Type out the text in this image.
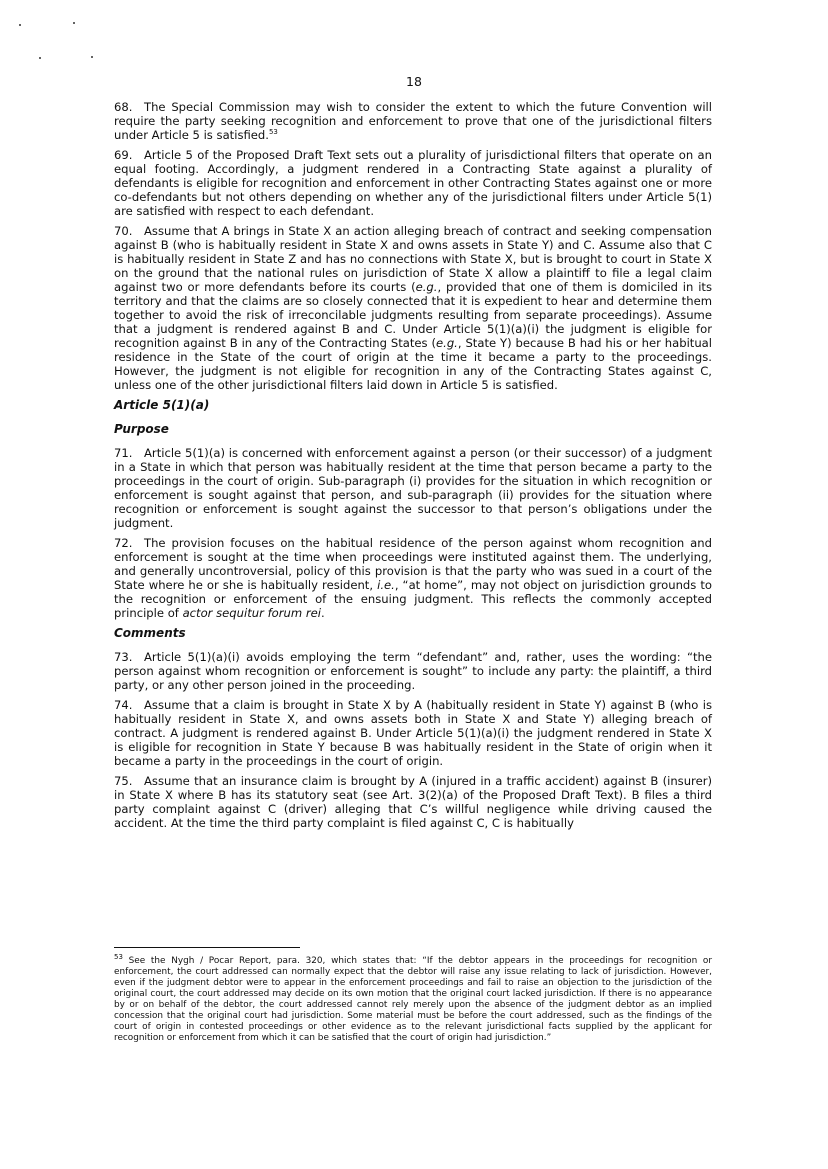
18

68. The Special Commission may wish to consider the extent to which the future Convention will require the party seeking recognition and enforcement to prove that one of the jurisdictional filters under Article 5 is satisfied.$^{53}$

69. Article 5 of the Proposed Draft Text sets out a plurality of jurisdictional filters that operate on an equal footing. Accordingly, a judgment rendered in a Contracting State against a plurality of defendants is eligible for recognition and enforcement in other Contracting States against one or more co-defendants but not others depending on whether any of the jurisdictional filters under Article 5(1) are satisfied with respect to each defendant.

70. Assume that A brings in State X an action alleging breach of contract and seeking compensation against B (who is habitually resident in State X and owns assets in State Y) and C. Assume also that C is habitually resident in State Z and has no connections with State X, but is brought to court in State X on the ground that the national rules on jurisdiction of State X allow a plaintiff to file a legal claim against two or more defendants before its courts (e.g., provided that one of them is domiciled in its territory and that the claims are so closely connected that it is expedient to hear and determine them together to avoid the risk of irreconcilable judgments resulting from separate proceedings). Assume that a judgment is rendered against B and C. Under Article 5(1)(a)(i) the judgment is eligible for recognition against B in any of the Contracting States (e.g., State Y) because B had his or her habitual residence in the State of the court of origin at the time it became a party to the proceedings. However, the judgment is not eligible for recognition in any of the Contracting States against C, unless one of the other jurisdictional filters laid down in Article 5 is satisfied.

Article 5(1)(a)
Purpose

71. Article 5(1)(a) is concerned with enforcement against a person (or their successor) of a judgment in a State in which that person was habitually resident at the time that person became a party to the proceedings in the court of origin. Sub-paragraph (i) provides for the situation in which recognition or enforcement is sought against that person, and sub-paragraph (ii) provides for the situation where recognition or enforcement is sought against the successor to that person’s obligations under the judgment.

72. The provision focuses on the habitual residence of the person against whom recognition and enforcement is sought at the time when proceedings were instituted against them. The underlying, and generally uncontroversial, policy of this provision is that the party who was sued in a court of the State where he or she is habitually resident, i.e., “at home”, may not object on jurisdiction grounds to the recognition or enforcement of the ensuing judgment. This reflects the commonly accepted principle of actor sequitur forum rei.

Comments

73. Article 5(1)(a)(i) avoids employing the term “defendant” and, rather, uses the wording: “the person against whom recognition or enforcement is sought” to include any party: the plaintiff, a third party, or any other person joined in the proceeding.

74. Assume that a claim is brought in State X by A (habitually resident in State Y) against B (who is habitually resident in State X, and owns assets both in State X and State Y) alleging breach of contract. A judgment is rendered against B. Under Article 5(1)(a)(i) the judgment rendered in State X is eligible for recognition in State Y because B was habitually resident in the State of origin when it became a party in the proceedings in the court of origin.

75. Assume that an insurance claim is brought by A (injured in a traffic accident) against B (insurer) in State X where B has its statutory seat (see Art. 3(2)(a) of the Proposed Draft Text). B files a third party complaint against C (driver) alleging that C’s willful negligence while driving caused the accident. At the time the third party complaint is filed against C, C is habitually

$^{53}$ See the Nygh / Pocar Report, para. 320, which states that: “If the debtor appears in the proceedings for recognition or enforcement, the court addressed can normally expect that the debtor will raise any issue relating to lack of jurisdiction. However, even if the judgment debtor were to appear in the enforcement proceedings and fail to raise an objection to the jurisdiction of the original court, the court addressed may decide on its own motion that the original court lacked jurisdiction. If there is no appearance by or on behalf of the debtor, the court addressed cannot rely merely upon the absence of the judgment debtor as an implied concession that the original court had jurisdiction. Some material must be before the court addressed, such as the findings of the court of origin in contested proceedings or other evidence as to the relevant jurisdictional facts supplied by the applicant for recognition or enforcement from which it can be satisfied that the court of origin had jurisdiction.”
